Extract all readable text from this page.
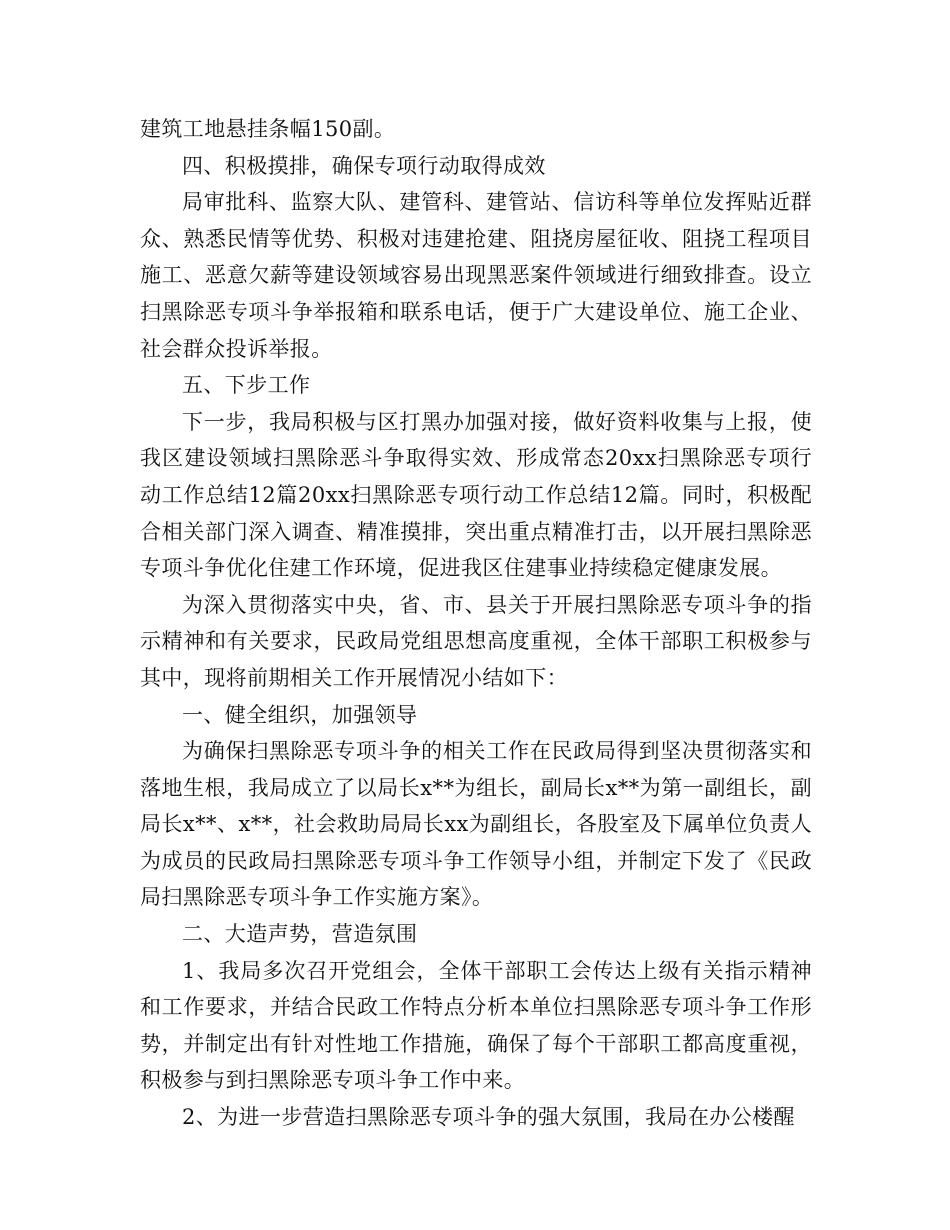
建筑工地悬挂条幅150副。

四、积极摸排，确保专项行动取得成效

局审批科、监察大队、建管科、建管站、信访科等单位发挥贴近群众、熟悉民情等优势、积极对违建抢建、阻挠房屋征收、阻挠工程项目施工、恶意欠薪等建设领域容易出现黑恶案件领域进行细致排查。设立扫黑除恶专项斗争举报箱和联系电话，便于广大建设单位、施工企业、社会群众投诉举报。

五、下步工作

下一步，我局积极与区打黑办加强对接，做好资料收集与上报，使我区建设领域扫黑除恶斗争取得实效、形成常态20xx扫黑除恶专项行动工作总结12篇20xx扫黑除恶专项行动工作总结12篇。同时，积极配合相关部门深入调查、精准摸排，突出重点精准打击，以开展扫黑除恶专项斗争优化住建工作环境，促进我区住建事业持续稳定健康发展。

为深入贯彻落实中央，省、市、县关于开展扫黑除恶专项斗争的指示精神和有关要求，民政局党组思想高度重视，全体干部职工积极参与其中，现将前期相关工作开展情况小结如下：

一、健全组织，加强领导

为确保扫黑除恶专项斗争的相关工作在民政局得到坚决贯彻落实和落地生根，我局成立了以局长x**为组长，副局长x**为第一副组长，副局长x**、x**，社会救助局局长xx为副组长，各股室及下属单位负责人为成员的民政局扫黑除恶专项斗争工作领导小组，并制定下发了《民政局扫黑除恶专项斗争工作实施方案》。

二、大造声势，营造氛围

1、我局多次召开党组会，全体干部职工会传达上级有关指示精神和工作要求，并结合民政工作特点分析本单位扫黑除恶专项斗争工作形势，并制定出有针对性地工作措施，确保了每个干部职工都高度重视，积极参与到扫黑除恶专项斗争工作中来。

2、为进一步营造扫黑除恶专项斗争的强大氛围，我局在办公楼醒
